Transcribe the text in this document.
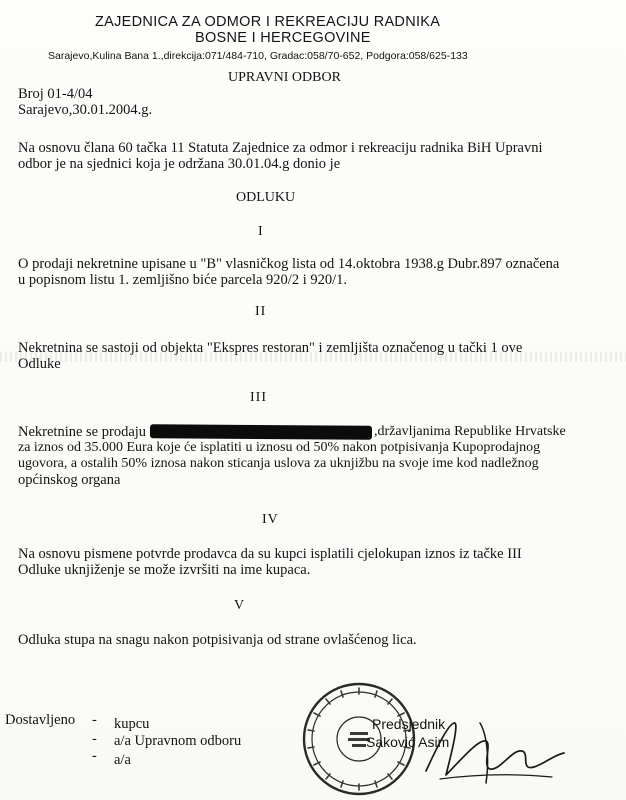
ZAJEDNICA ZA ODMOR I REKREACIJU RADNIKA
BOSNE I HERCEGOVINE
Sarajevo,Kulina Bana 1.,direkcija:071/484-710, Gradac:058/70-652, Podgora:058/625-133
UPRAVNI ODBOR
Broj 01-4/04
Sarajevo,30.01.2004.g.
Na osnovu člana 60 tačka 11 Statuta Zajednice za odmor i rekreaciju radnika BiH Upravni
odbor je na sjednici koja je održana 30.01.04.g donio je
ODLUKU
I
O prodaji nekretnine upisane u "B" vlasničkog lista od 14.oktobra 1938.g Dubr.897 označena
u popisnom listu 1. zemljišno biće parcela 920/2 i 920/1.
II
Nekretnina se sastoji od objekta "Ekspres restoran" i zemljišta označenog u tački 1 ove
Odluke
III
Nekretnine se prodaju	,državljanima Republike Hrvatske
za iznos od 35.000 Eura koje će isplatiti u iznosu od 50% nakon potpisivanja Kupoprodajnog
ugovora, a ostalih 50% iznosa nakon sticanja uslova za uknjižbu na svoje ime kod nadležnog
općinskog organa
IV
Na osnovu pismene potvrde prodavca da su kupci isplatili cjelokupan iznos iz tačke III
Odluke uknjiženje se može izvršiti na ime kupaca.
V
Odluka stupa na snagu nakon potpisivanja od strane ovlašćenog lica.
Dostavljeno - kupcu
- a/a Upravnom odboru
- a/a
Predsjednik
Saković Asim
